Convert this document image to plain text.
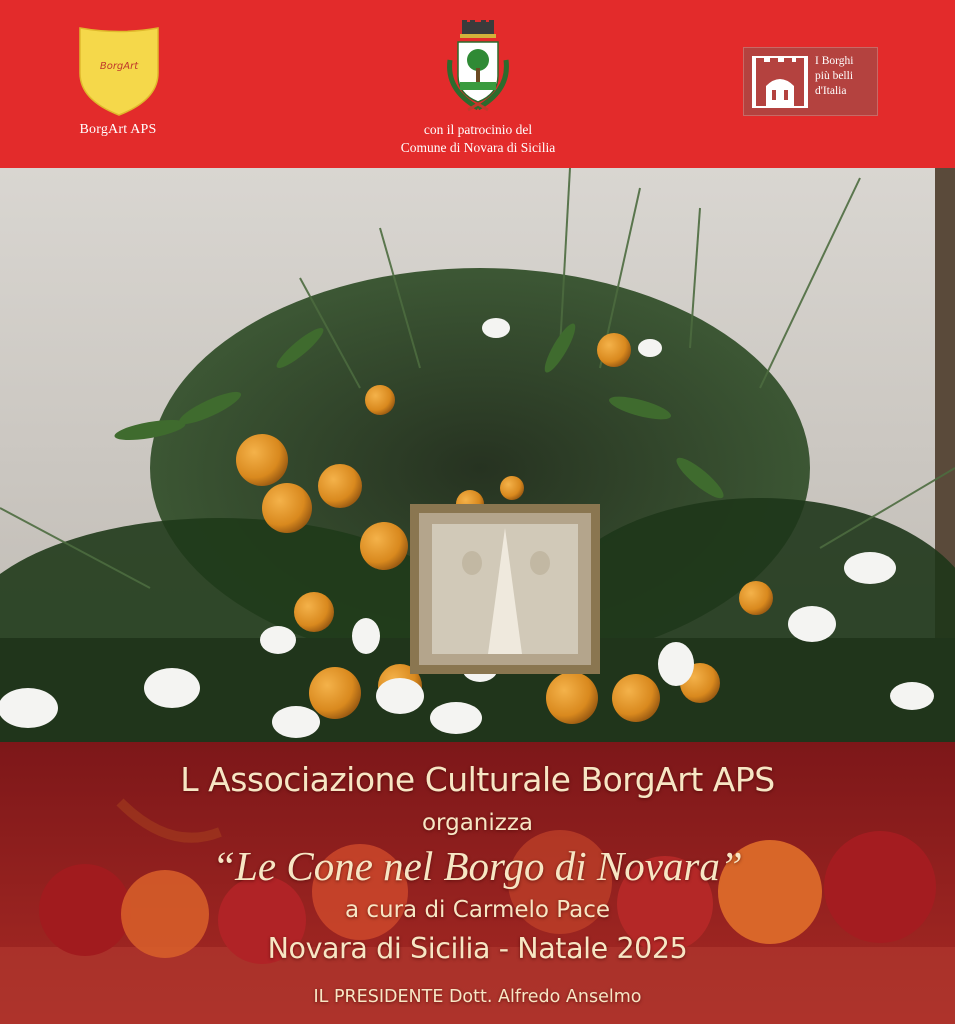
BorgArt
BorgArt APS	con il patrocinio del
Comune di Novara di Sicilia
I Borghi
più belli
d'Italia
L Associazione Culturale BorgArt APS
organizza
“Le Cone nel Borgo di Novara”
a cura di Carmelo Pace
Novara di Sicilia - Natale 2025
IL PRESIDENTE Dott. Alfredo Anselmo
